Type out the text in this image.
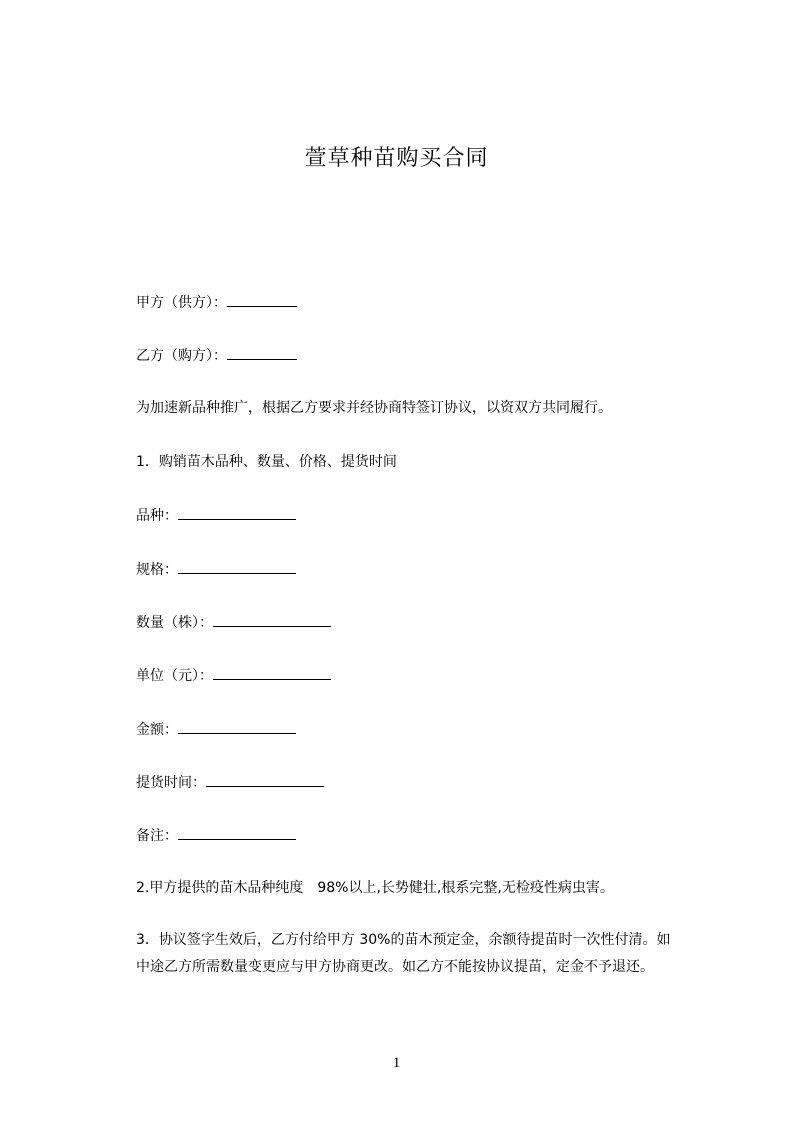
萱草种苗购买合同
甲方（供方）：
乙方（购方）：
为加速新品种推广，根据乙方要求并经协商特签订协议，以资双方共同履行。
1．购销苗木品种、数量、价格、提货时间
品种：
规格：
数量（株）：
单位（元）：
金额：
提货时间：
备注：
2.甲方提供的苗木品种纯度　98%以上,长势健壮,根系完整,无检疫性病虫害。
3．协议签字生效后，乙方付给甲方 30%的苗木预定金，余额待提苗时一次性付清。如中途乙方所需数量变更应与甲方协商更改。如乙方不能按协议提苗，定金不予退还。
1
